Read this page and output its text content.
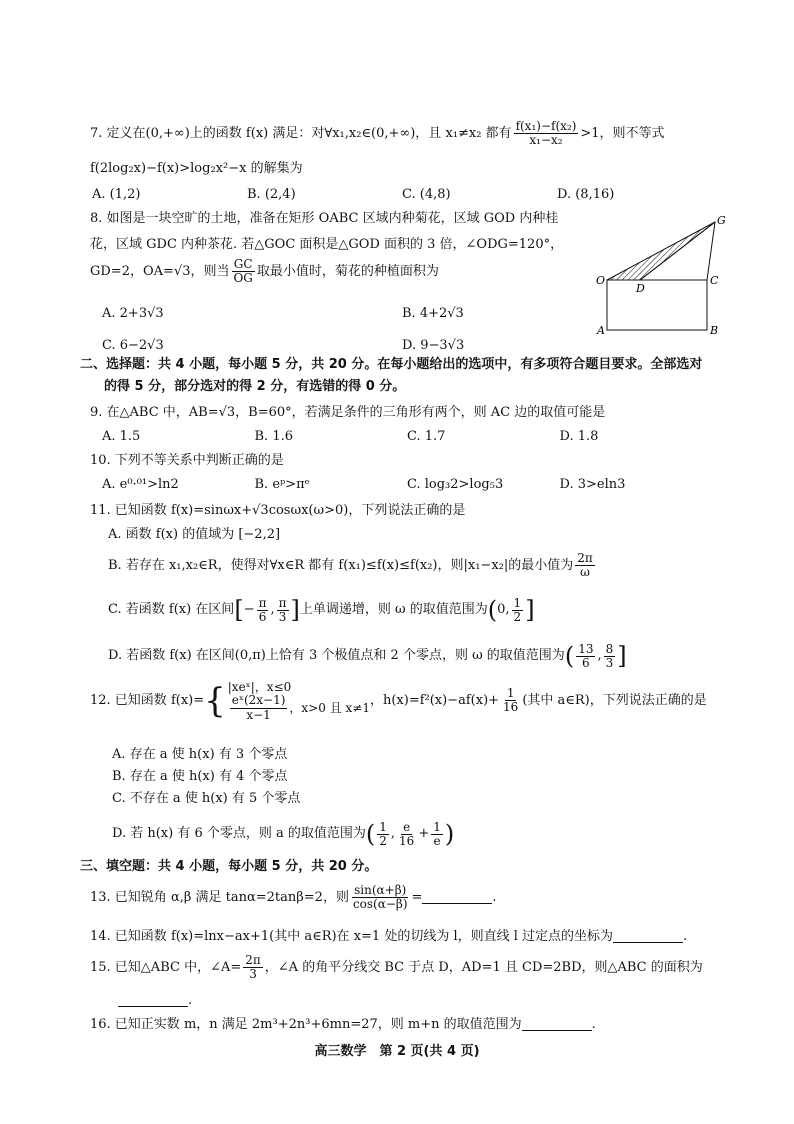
7. 定义在(0,+∞)上的函数 f(x) 满足：对∀x₁,x₂∈(0,+∞)，且 x₁≠x₂ 都有 $\frac{\text{f(x₁)−f(x₂)}}{\text{x₁−x₂}} >1$，则不等式
f(2log₂x)−f(x)>log₂x²−x 的解集为
A. (1,2)	B. (2,4)	C. (4,8)	D. (8,16)
8. 如图是一块空旷的土地，准备在矩形 OABC 区域内种菊花，区域 GOD 内种桂
花，区域 GDC 内种茶花. 若△GOC 面积是△GOD 面积的 3 倍，∠ODG=120°，
GD=2，OA=√3，则当 $\frac{GC}{OG}$ 取最小值时，菊花的种植面积为
A. 2+3√3	B. 4+2√3
C. 6−2√3	D. 9−3√3
G
O
D
C
A	B
二、选择题：共 4 小题，每小题 5 分，共 20 分。在每小题给出的选项中，有多项符合题目要求。全部选对
的得 5 分，部分选对的得 2 分，有选错的得 0 分。
9. 在△ABC 中，AB=√3，B=60°，若满足条件的三角形有两个，则 AC 边的取值可能是
A. 1.5	B. 1.6	C. 1.7	D. 1.8
10. 下列不等关系中判断正确的是
A. e⁰·⁰¹>ln2	B. eᵖ>πᵉ	C. log₃2>log₅3	D. 3>eln3
11. 已知函数 f(x)=sinωx+√3cosωx(ω>0)，下列说法正确的是
A. 函数 f(x) 的值域为 [−2,2]
B. 若存在 x₁,x₂∈R，使得对∀x∈R 都有 f(x₁)≤f(x)≤f(x₂)，则|x₁−x₂|的最小值为 $\frac{2\pi}{\omega}$
C. 若函数 f(x) 在区间 [ − $\frac{\pi}{6}$ , $\frac{\pi}{3}$ ] 上单调递增，则 ω 的取值范围为 ( 0, $\frac{1}{2}$ ]
D. 若函数 f(x) 在区间(0,π)上恰有 3 个极值点和 2 个零点，则 ω 的取值范围为 ( $\frac{13}{6}$ , $\frac{8}{3}$ ]
12. 已知函数 f(x)= { |xeˣ|，x≤0
$\frac{\text{eˣ(2x−1)}}{x-1}$ ，x>0 且 x≠1 ，$h(x)=f^2(x)-af(x)+ \frac{1}{16}$ (其中 a∈R)，下列说法正确的是
A. 存在 a 使 h(x) 有 3 个零点
B. 存在 a 使 h(x) 有 4 个零点
C. 不存在 a 使 h(x) 有 5 个零点
D. 若 h(x) 有 6 个零点，则 a 的取值范围为 ( $\frac{1}{2}$ , $\frac{e}{16} + \frac{1}{e}$ )
三、填空题：共 4 小题，每小题 5 分，共 20 分。
13. 已知锐角 α,β 满足 tanα=2tanβ=2，则 $\frac{\sin(\alpha+\beta)}{\cos(\alpha-\beta)}$ =	.
14. 已知函数 f(x)=lnx−ax+1(其中 a∈R)在 x=1 处的切线为 l，则直线 l 过定点的坐标为	.
15. 已知△ABC 中，∠A= $\frac{2\pi}{3}$ ，∠A 的角平分线交 BC 于点 D，AD=1 且 CD=2BD，则△ABC 的面积为
.
16. 已知正实数 m，n 满足 2m³+2n³+6mn=27，则 m+n 的取值范围为	.
高三数学　第 2 页(共 4 页)
